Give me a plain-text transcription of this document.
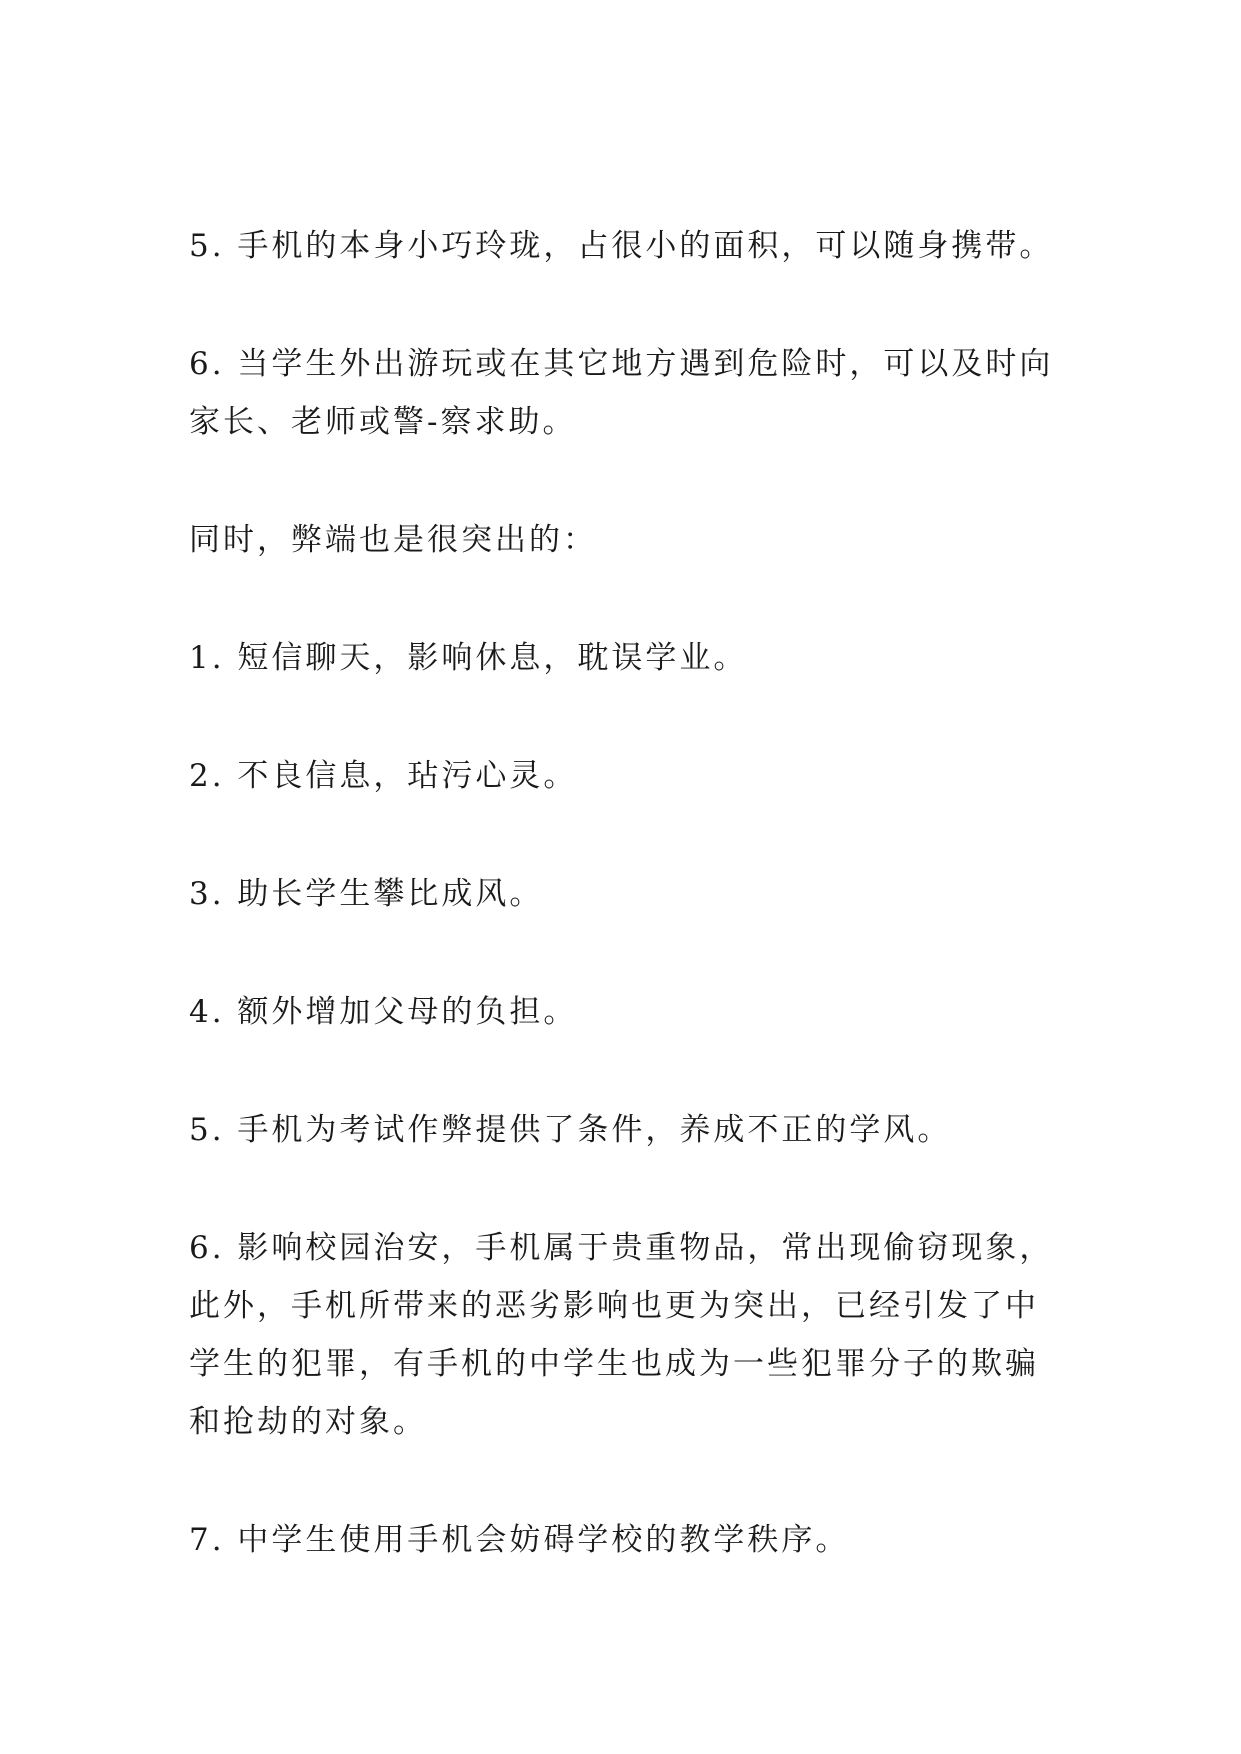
5. 手机的本身小巧玲珑，占很小的面积，可以随身携带。

6. 当学生外出游玩或在其它地方遇到危险时，可以及时向家长、老师或警-察求助。

同时，弊端也是很突出的：

1. 短信聊天，影响休息，耽误学业。

2. 不良信息，玷污心灵。

3. 助长学生攀比成风。

4. 额外增加父母的负担。

5. 手机为考试作弊提供了条件，养成不正的学风。

6. 影响校园治安，手机属于贵重物品，常出现偷窃现象，此外，手机所带来的恶劣影响也更为突出，已经引发了中学生的犯罪，有手机的中学生也成为一些犯罪分子的欺骗和抢劫的对象。

7. 中学生使用手机会妨碍学校的教学秩序。
